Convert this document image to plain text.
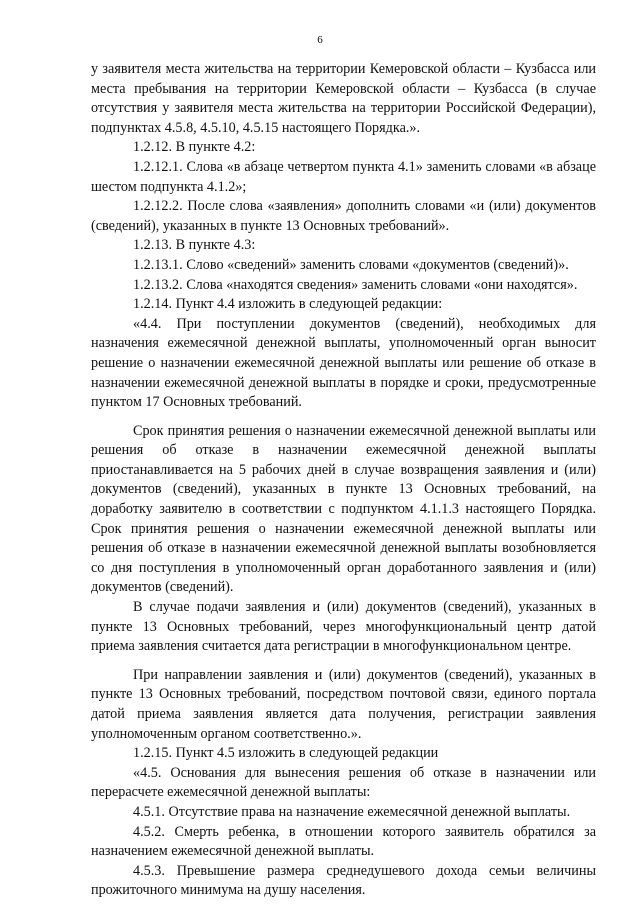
6

у заявителя места жительства на территории Кемеровской области – Кузбасса или места пребывания на территории Кемеровской области – Кузбасса (в случае отсутствия у заявителя места жительства на территории Российской Федерации), подпунктах 4.5.8, 4.5.10, 4.5.15 настоящего Порядка.».

1.2.12. В пункте 4.2:

1.2.12.1. Слова «в абзаце четвертом пункта 4.1» заменить словами «в абзаце шестом подпункта 4.1.2»;

1.2.12.2. После слова «заявления» дополнить словами «и (или) документов (сведений), указанных в пункте 13 Основных требований».

1.2.13. В пункте 4.3:

1.2.13.1. Слово «сведений» заменить словами «документов (сведений)».

1.2.13.2. Слова «находятся сведения» заменить словами «они находятся».

1.2.14. Пункт 4.4 изложить в следующей редакции:

«4.4. При поступлении документов (сведений), необходимых для назначения ежемесячной денежной выплаты, уполномоченный орган выносит решение о назначении ежемесячной денежной выплаты или решение об отказе в назначении ежемесячной денежной выплаты в порядке и сроки, предусмотренные пунктом 17 Основных требований.

Срок принятия решения о назначении ежемесячной денежной выплаты или решения об отказе в назначении ежемесячной денежной выплаты приостанавливается на 5 рабочих дней в случае возвращения заявления и (или) документов (сведений), указанных в пункте 13 Основных требований, на доработку заявителю в соответствии с подпунктом 4.1.1.3 настоящего Порядка. Срок принятия решения о назначении ежемесячной денежной выплаты или решения об отказе в назначении ежемесячной денежной выплаты возобновляется со дня поступления в уполномоченный орган доработанного заявления и (или) документов (сведений).

В случае подачи заявления и (или) документов (сведений), указанных в пункте 13 Основных требований, через многофункциональный центр датой приема заявления считается дата регистрации в многофункциональном центре.

При направлении заявления и (или) документов (сведений), указанных в пункте 13 Основных требований, посредством почтовой связи, единого портала датой приема заявления является дата получения, регистрации заявления уполномоченным органом соответственно.».

1.2.15. Пункт 4.5 изложить в следующей редакции

«4.5. Основания для вынесения решения об отказе в назначении или перерасчете ежемесячной денежной выплаты:

4.5.1. Отсутствие права на назначение ежемесячной денежной выплаты.

4.5.2. Смерть ребенка, в отношении которого заявитель обратился за назначением ежемесячной денежной выплаты.

4.5.3. Превышение размера среднедушевого дохода семьи величины прожиточного минимума на душу населения.
